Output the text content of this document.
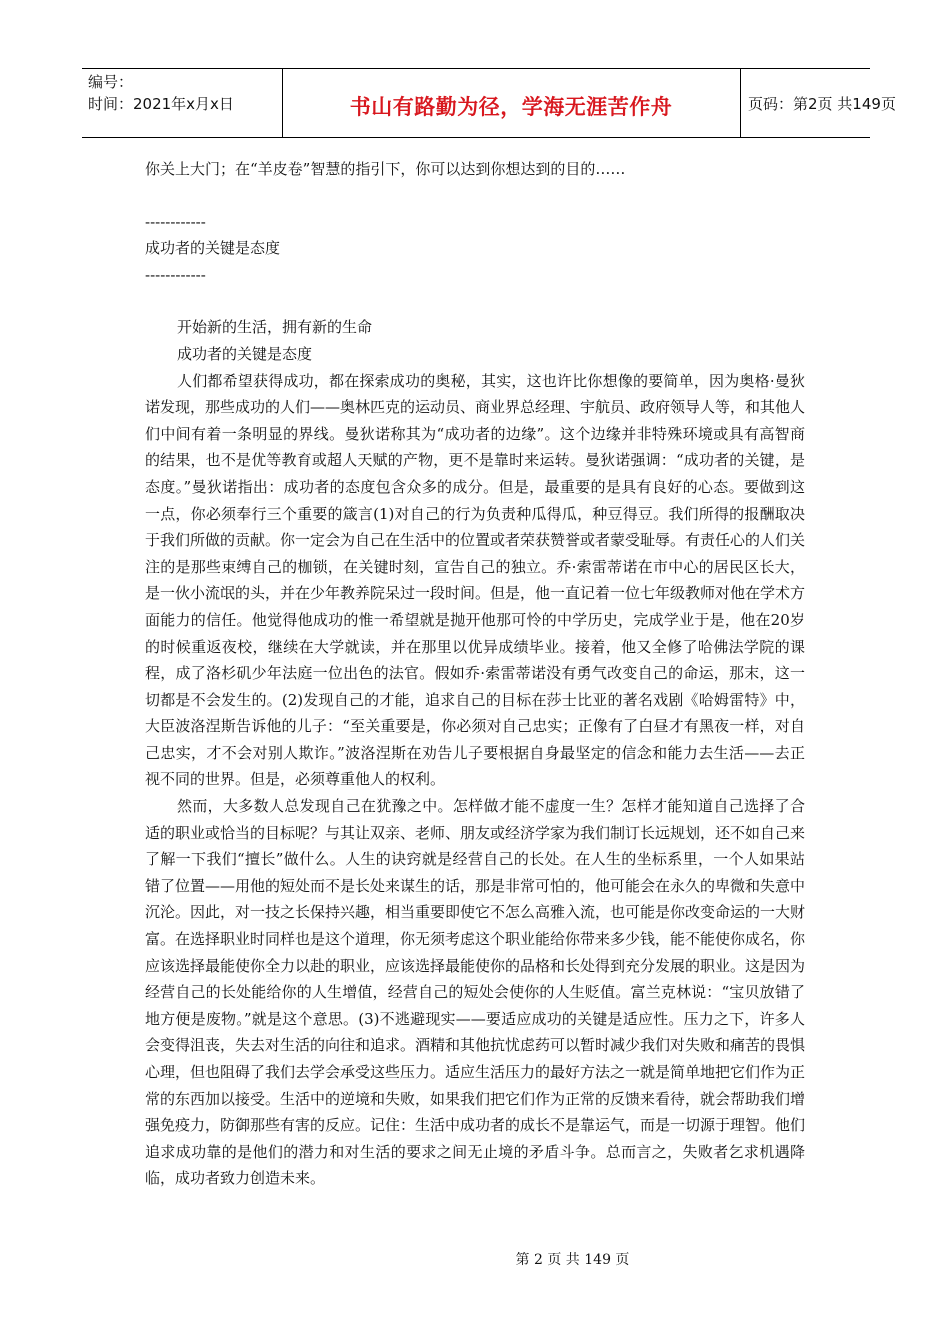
编号：
时间：2021年x月x日	书山有路勤为径，学海无涯苦作舟	页码：第2页 共149页

你关上大门；在“羊皮卷”智慧的指引下，你可以达到你想达到的目的……

------------

成功者的关键是态度

------------

开始新的生活，拥有新的生命

成功者的关键是态度

人们都希望获得成功，都在探索成功的奥秘，其实，这也许比你想像的要简单，因为奥格·曼狄诺发现，那些成功的人们——奥林匹克的运动员、商业界总经理、宇航员、政府领导人等，和其他人们中间有着一条明显的界线。曼狄诺称其为“成功者的边缘”。这个边缘并非特殊环境或具有高智商的结果，也不是优等教育或超人天赋的产物，更不是靠时来运转。曼狄诺强调：“成功者的关键，是态度。”曼狄诺指出：成功者的态度包含众多的成分。但是，最重要的是具有良好的心态。要做到这一点，你必须奉行三个重要的箴言(1)对自己的行为负责种瓜得瓜，种豆得豆。我们所得的报酬取决于我们所做的贡献。你一定会为自己在生活中的位置或者荣获赞誉或者蒙受耻辱。有责任心的人们关注的是那些束缚自己的枷锁，在关键时刻，宣告自己的独立。乔·索雷蒂诺在市中心的居民区长大，是一伙小流氓的头，并在少年教养院呆过一段时间。但是，他一直记着一位七年级教师对他在学术方面能力的信任。他觉得他成功的惟一希望就是抛开他那可怜的中学历史，完成学业于是，他在20岁的时候重返夜校，继续在大学就读，并在那里以优异成绩毕业。接着，他又全修了哈佛法学院的课程，成了洛杉矶少年法庭一位出色的法官。假如乔·索雷蒂诺没有勇气改变自己的命运，那末，这一切都是不会发生的。(2)发现自己的才能，追求自己的目标在莎士比亚的著名戏剧《哈姆雷特》中，大臣波洛涅斯告诉他的儿子：“至关重要是，你必须对自己忠实；正像有了白昼才有黑夜一样，对自己忠实，才不会对别人欺诈。”波洛涅斯在劝告儿子要根据自身最坚定的信念和能力去生活——去正视不同的世界。但是，必须尊重他人的权利。

然而，大多数人总发现自己在犹豫之中。怎样做才能不虚度一生？怎样才能知道自己选择了合适的职业或恰当的目标呢？与其让双亲、老师、朋友或经济学家为我们制订长远规划，还不如自己来了解一下我们“擅长”做什么。人生的诀窍就是经营自己的长处。在人生的坐标系里，一个人如果站错了位置——用他的短处而不是长处来谋生的话，那是非常可怕的，他可能会在永久的卑微和失意中沉沦。因此，对一技之长保持兴趣，相当重要即使它不怎么高雅入流，也可能是你改变命运的一大财富。在选择职业时同样也是这个道理，你无须考虑这个职业能给你带来多少钱，能不能使你成名，你应该选择最能使你全力以赴的职业，应该选择最能使你的品格和长处得到充分发展的职业。这是因为经营自己的长处能给你的人生增值，经营自己的短处会使你的人生贬值。富兰克林说：“宝贝放错了地方便是废物。”就是这个意思。(3)不逃避现实——要适应成功的关键是适应性。压力之下，许多人会变得沮丧，失去对生活的向往和追求。酒精和其他抗忧虑药可以暂时减少我们对失败和痛苦的畏惧心理，但也阻碍了我们去学会承受这些压力。适应生活压力的最好方法之一就是简单地把它们作为正常的东西加以接受。生活中的逆境和失败，如果我们把它们作为正常的反馈来看待，就会帮助我们增强免疫力，防御那些有害的反应。记住：生活中成功者的成长不是靠运气，而是一切源于理智。他们追求成功靠的是他们的潜力和对生活的要求之间无止境的矛盾斗争。总而言之，失败者乞求机遇降临，成功者致力创造未来。

第 2 页 共 149 页
